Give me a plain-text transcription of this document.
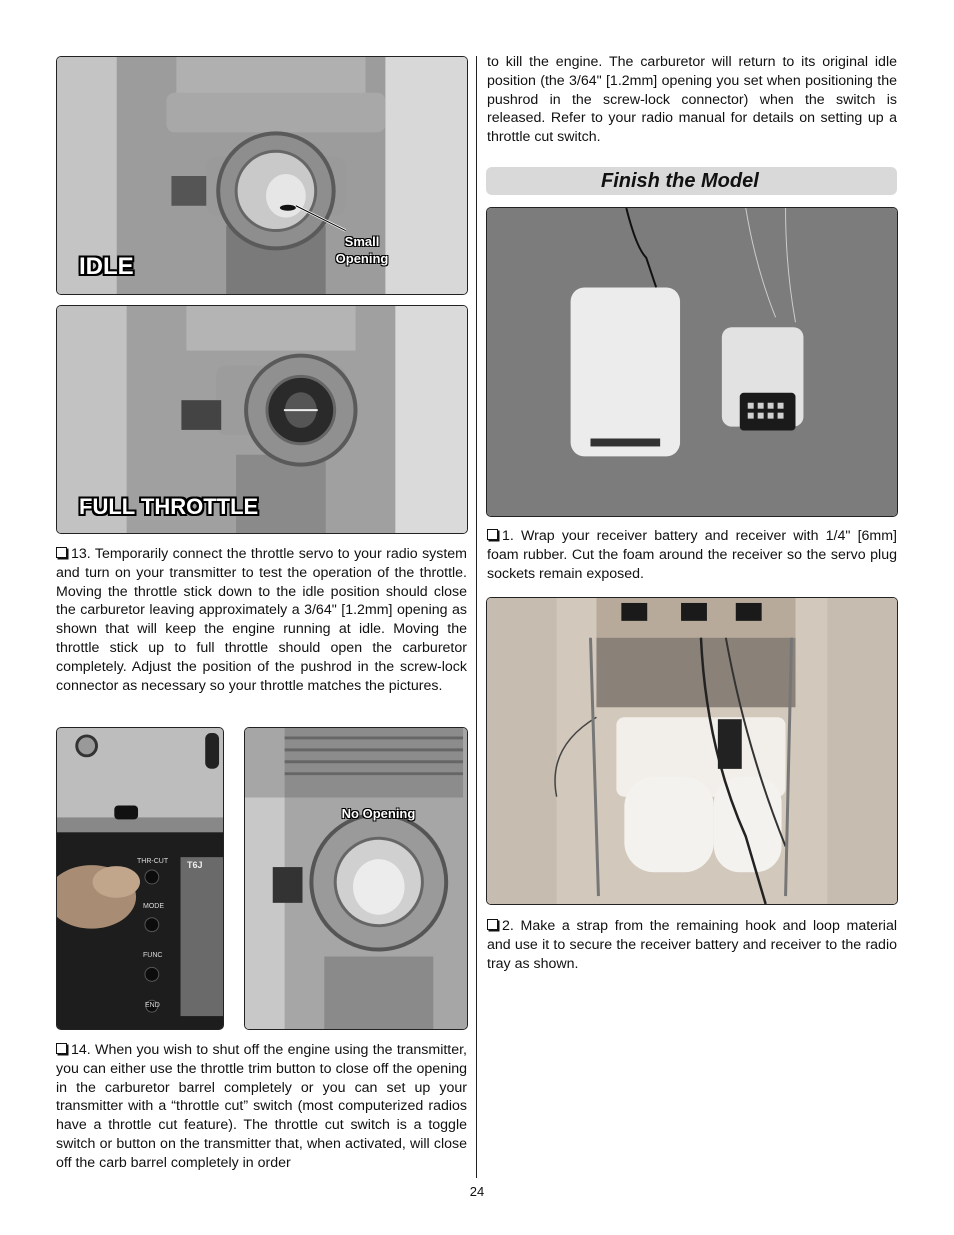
IDLE
Small
Opening
FULL THROTTLE

13. Temporarily connect the throttle servo to your radio system and turn on your transmitter to test the operation of the throttle. Moving the throttle stick down to the idle position should close the carburetor leaving approximately a 3/64" [1.2mm] opening as shown that will keep the engine running at idle. Moving the throttle stick up to full throttle should open the carburetor completely. Adjust the position of the pushrod in the screw-lock connector as necessary so your throttle matches the pictures.

THR-CUT
MODE
FUNC
END
T6J
No Opening

14. When you wish to shut off the engine using the transmitter, you can either use the throttle trim button to close off the opening in the carburetor barrel completely or you can set up your transmitter with a “throttle cut” switch (most computerized radios have a throttle cut feature). The throttle cut switch is a toggle switch or button on the transmitter that, when activated, will close off the carb barrel completely in order

to kill the engine. The carburetor will return to its original idle position (the 3/64" [1.2mm] opening you set when positioning the pushrod in the screw-lock connector) when the switch is released. Refer to your radio manual for details on setting up a throttle cut switch.

Finish the Model

1. Wrap your receiver battery and receiver with 1/4" [6mm] foam rubber. Cut the foam around the receiver so the servo plug sockets remain exposed.

2. Make a strap from the remaining hook and loop material and use it to secure the receiver battery and receiver to the radio tray as shown.

24
